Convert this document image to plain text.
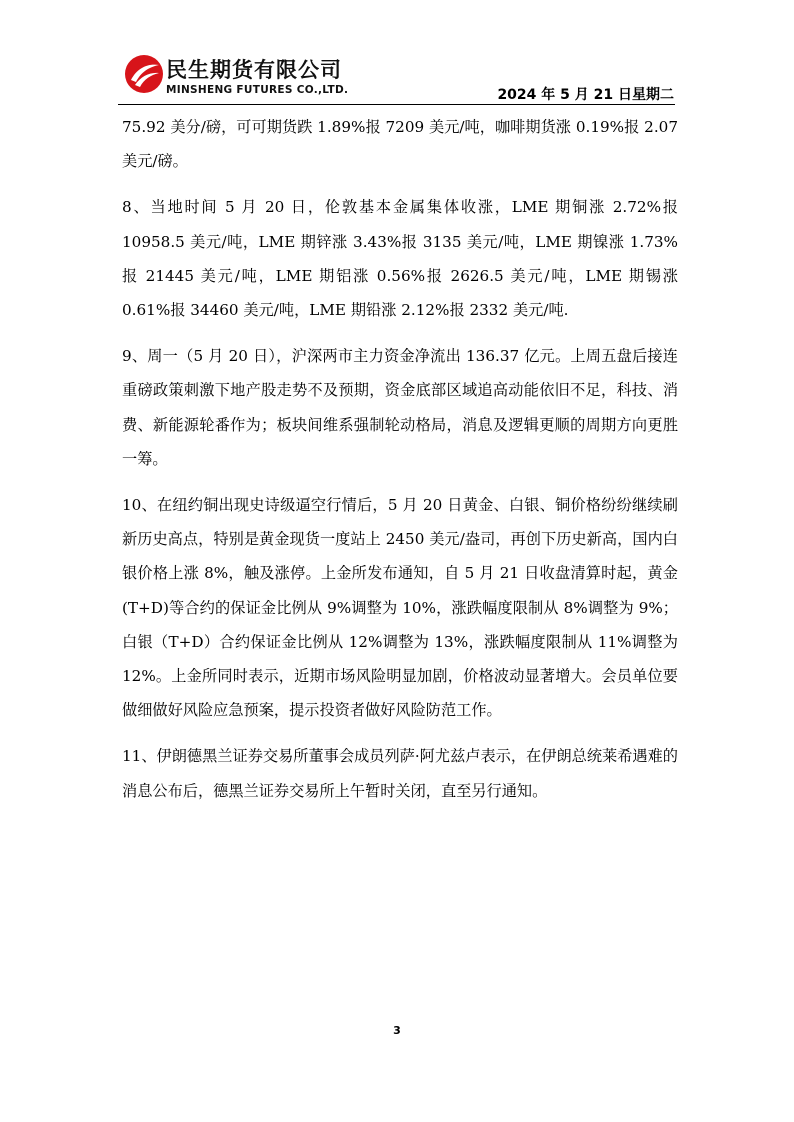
民生期货有限公司
MINSHENG FUTURES CO.,LTD.	2024 年 5 月 21 日星期二

75.92 美分/磅，可可期货跌 1.89%报 7209 美元/吨，咖啡期货涨 0.19%报 2.07 美元/磅。

8、当地时间 5 月 20 日，伦敦基本金属集体收涨，LME 期铜涨 2.72%报 10958.5 美元/吨，LME 期锌涨 3.43%报 3135 美元/吨，LME 期镍涨 1.73%报 21445 美元/吨，LME 期铝涨 0.56%报 2626.5 美元/吨，LME 期锡涨 0.61%报 34460 美元/吨，LME 期铅涨 2.12%报 2332 美元/吨.

9、周一（5 月 20 日），沪深两市主力资金净流出 136.37 亿元。上周五盘后接连重磅政策刺激下地产股走势不及预期，资金底部区域追高动能依旧不足，科技、消费、新能源轮番作为；板块间维系强制轮动格局，消息及逻辑更顺的周期方向更胜一筹。

10、在纽约铜出现史诗级逼空行情后，5 月 20 日黄金、白银、铜价格纷纷继续刷新历史高点，特别是黄金现货一度站上 2450 美元/盎司，再创下历史新高，国内白银价格上涨 8%，触及涨停。上金所发布通知，自 5 月 21 日收盘清算时起，黄金(T+D)等合约的保证金比例从 9%调整为 10%，涨跌幅度限制从 8%调整为 9%；白银（T+D）合约保证金比例从 12%调整为 13%，涨跌幅度限制从 11%调整为 12%。上金所同时表示，近期市场风险明显加剧，价格波动显著增大。会员单位要做细做好风险应急预案，提示投资者做好风险防范工作。

11、伊朗德黑兰证券交易所董事会成员列萨·阿尤兹卢表示，在伊朗总统莱希遇难的消息公布后，德黑兰证券交易所上午暂时关闭，直至另行通知。

3
